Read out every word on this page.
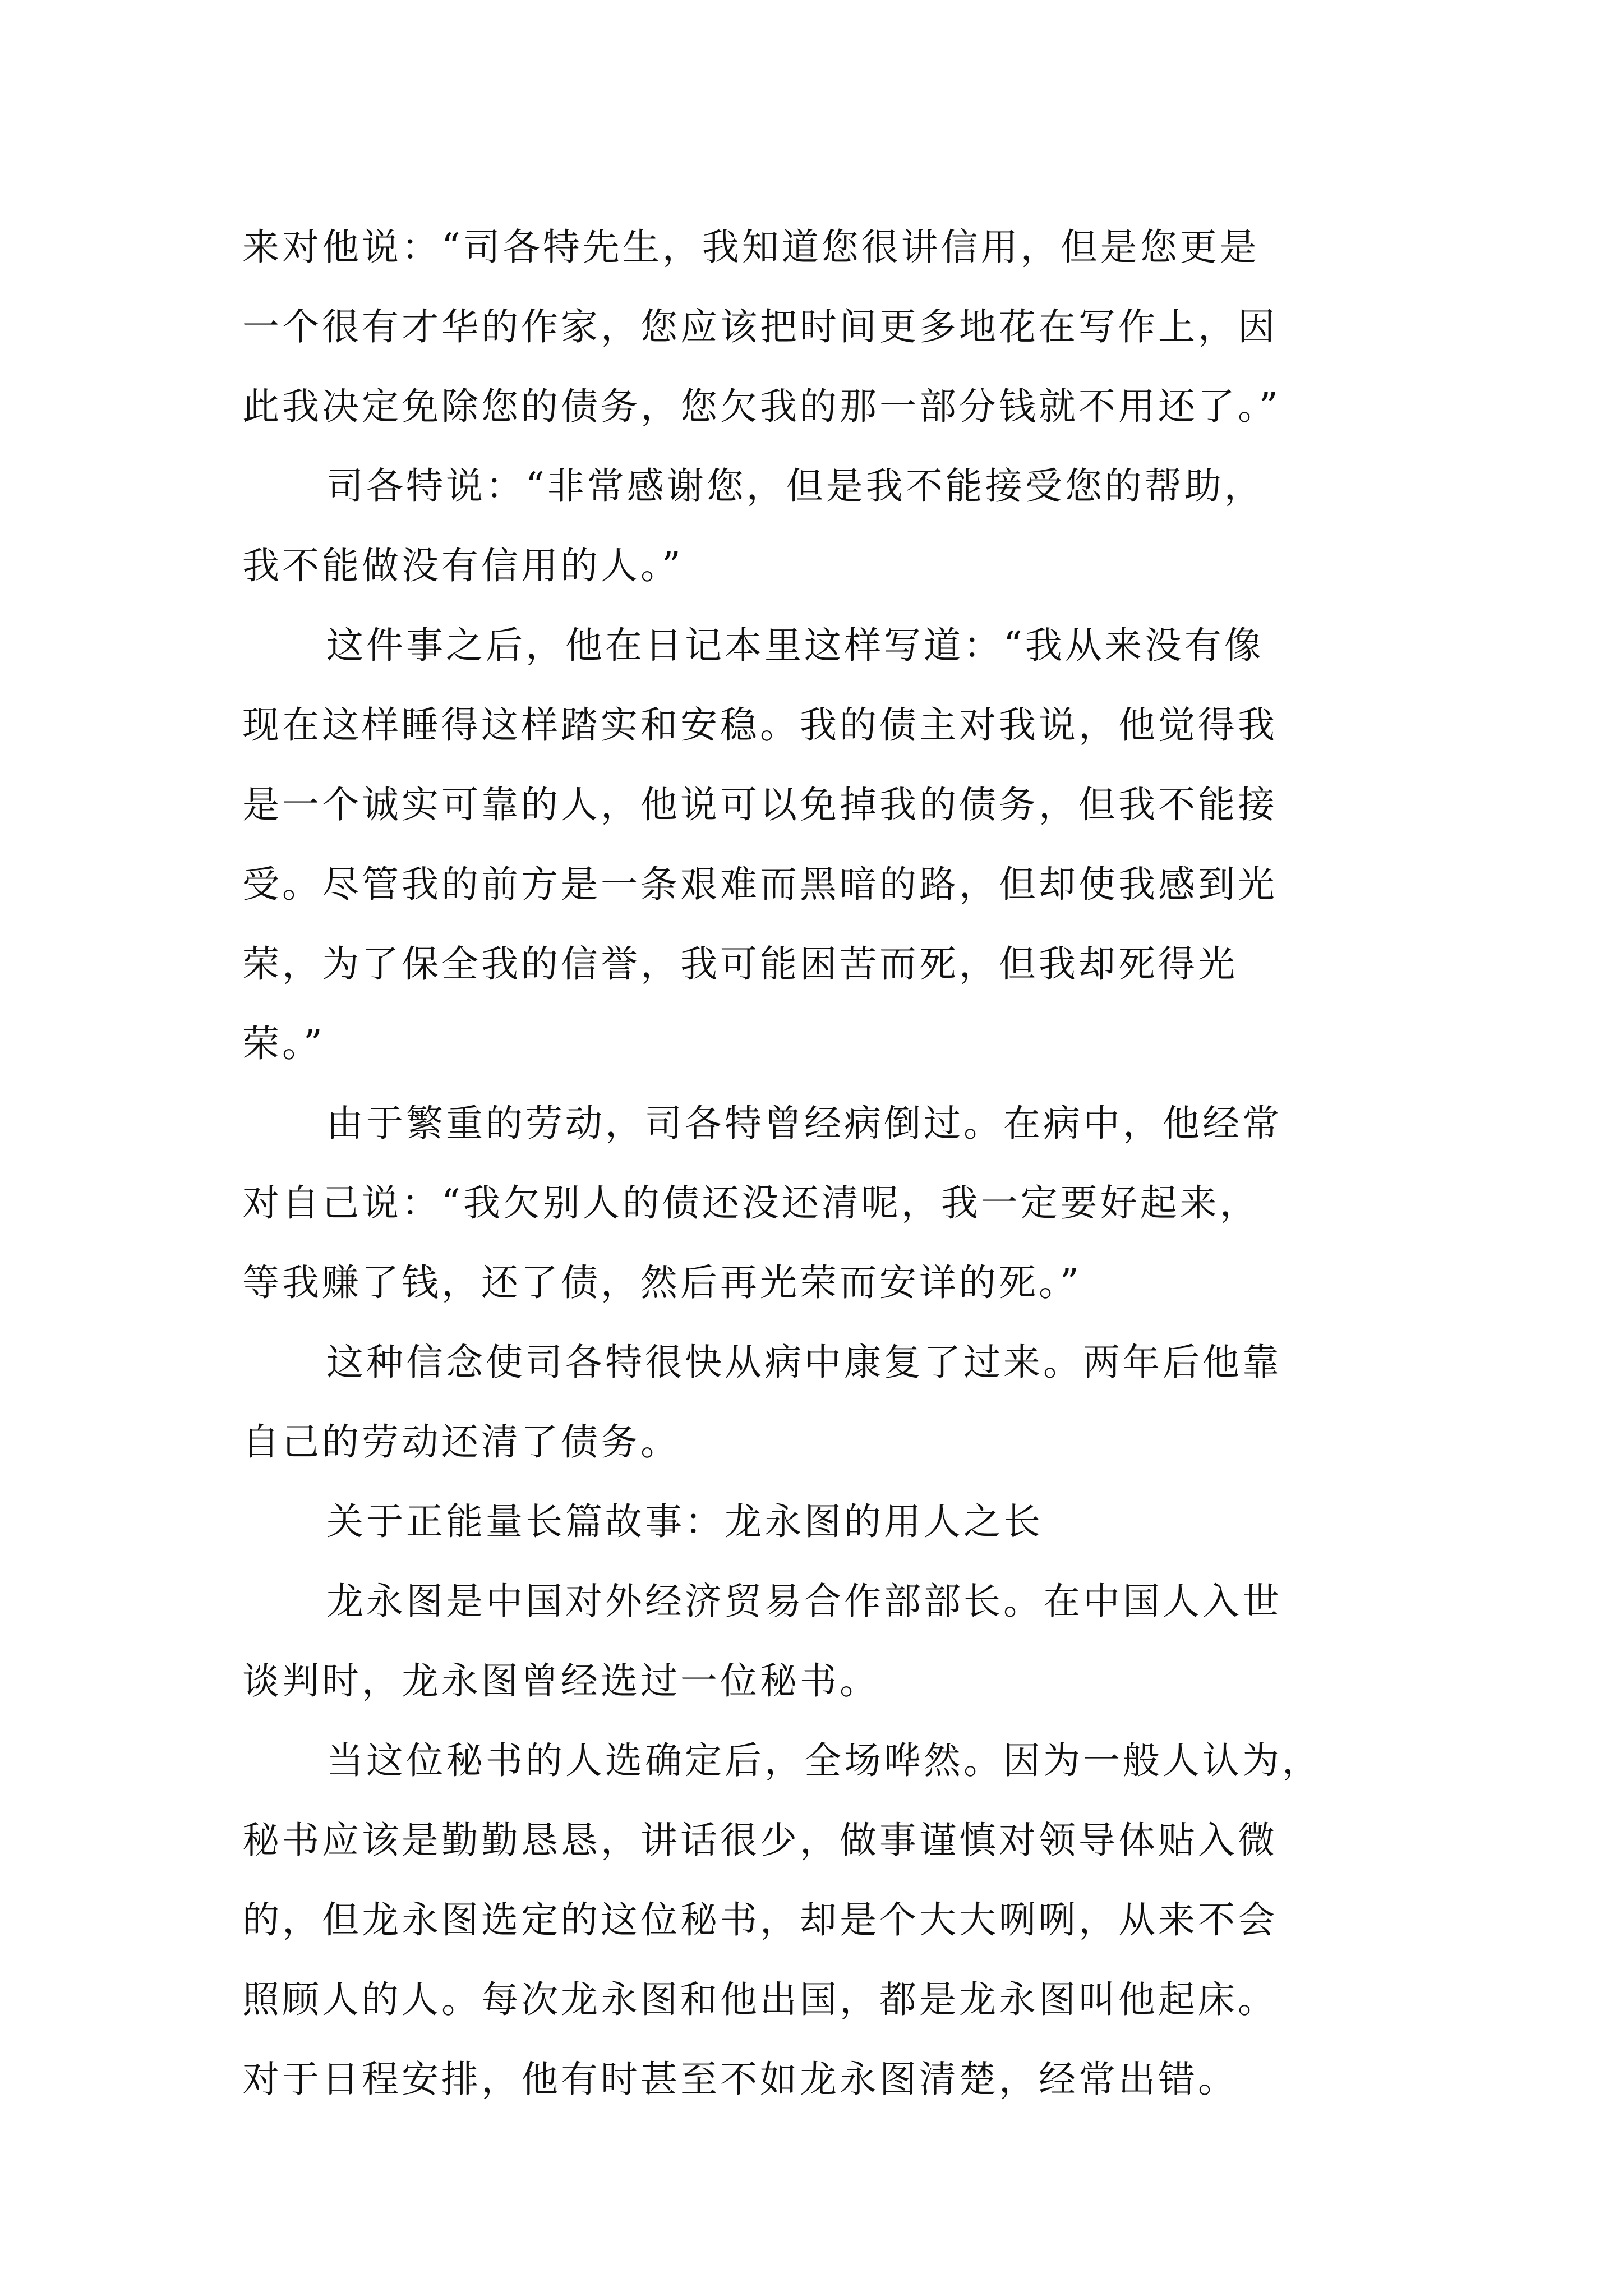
来对他说：“司各特先生，我知道您很讲信用，但是您更是
一个很有才华的作家，您应该把时间更多地花在写作上，因
此我决定免除您的债务，您欠我的那一部分钱就不用还了。”

司各特说：“非常感谢您，但是我不能接受您的帮助，
我不能做没有信用的人。”

这件事之后，他在日记本里这样写道：“我从来没有像
现在这样睡得这样踏实和安稳。我的债主对我说，他觉得我
是一个诚实可靠的人，他说可以免掉我的债务，但我不能接
受。尽管我的前方是一条艰难而黑暗的路，但却使我感到光
荣，为了保全我的信誉，我可能困苦而死，但我却死得光
荣。”

由于繁重的劳动，司各特曾经病倒过。在病中，他经常
对自己说：“我欠别人的债还没还清呢，我一定要好起来，
等我赚了钱，还了债，然后再光荣而安详的死。”

这种信念使司各特很快从病中康复了过来。两年后他靠
自己的劳动还清了债务。

关于正能量长篇故事：龙永图的用人之长

龙永图是中国对外经济贸易合作部部长。在中国人入世
谈判时，龙永图曾经选过一位秘书。

当这位秘书的人选确定后，全场哗然。因为一般人认为，
秘书应该是勤勤恳恳，讲话很少，做事谨慎对领导体贴入微
的，但龙永图选定的这位秘书，却是个大大咧咧，从来不会
照顾人的人。每次龙永图和他出国，都是龙永图叫他起床。
对于日程安排，他有时甚至不如龙永图清楚，经常出错。
